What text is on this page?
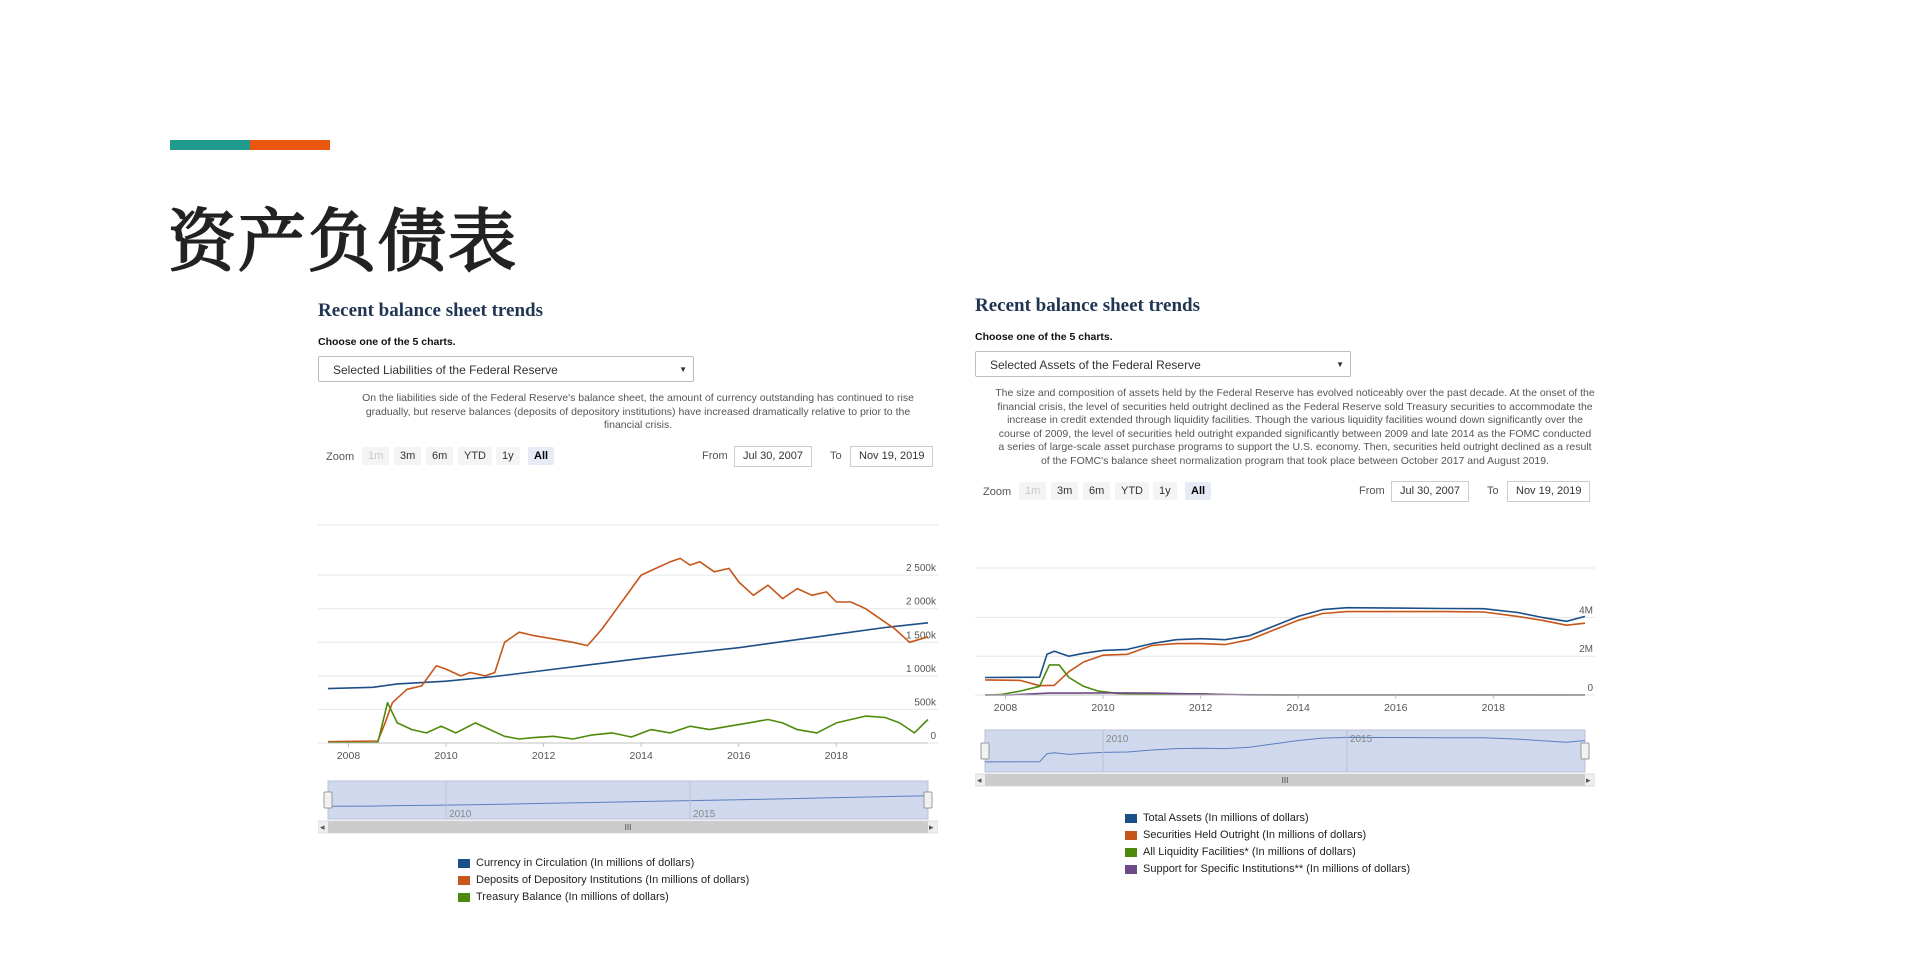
资产负债表
Recent balance sheet trends
Choose one of the 5 charts.
Selected Liabilities of the Federal Reserve	▼
On the liabilities side of the Federal Reserve's balance sheet, the amount of currency outstanding has continued to rise gradually, but reserve balances (deposits of depository institutions) have increased dramatically relative to prior to the financial crisis.
Zoom	1m	3m	6m	YTD	1y	All	From	Jul 30, 2007	To	Nov 19, 2019
0
500k
1 000k
1 500k
2 000k
2 500k
2008	2010	2012	2014	2016	2018
2010	2015
◂	▸
III
Currency in Circulation (In millions of dollars)
Deposits of Depository Institutions (In millions of dollars)
Treasury Balance (In millions of dollars)
Recent balance sheet trends
Choose one of the 5 charts.
Selected Assets of the Federal Reserve	▼
The size and composition of assets held by the Federal Reserve has evolved noticeably over the past decade. At the onset of the financial crisis, the level of securities held outright declined as the Federal Reserve sold Treasury securities to accommodate the increase in credit extended through liquidity facilities. Though the various liquidity facilities wound down significantly over the course of 2009, the level of securities held outright expanded significantly between 2009 and late 2014 as the FOMC conducted a series of large-scale asset purchase programs to support the U.S. economy. Then, securities held outright declined as a result of the FOMC's balance sheet normalization program that took place between October 2017 and August 2019.
Zoom	1m	3m	6m	YTD	1y	All	From	Jul 30, 2007	To	Nov 19, 2019
0
2M
4M
2008	2010	2012	2014	2016	2018
2010	2015
◂	▸
III
Total Assets (In millions of dollars)
Securities Held Outright (In millions of dollars)
All Liquidity Facilities* (In millions of dollars)
Support for Specific Institutions** (In millions of dollars)
